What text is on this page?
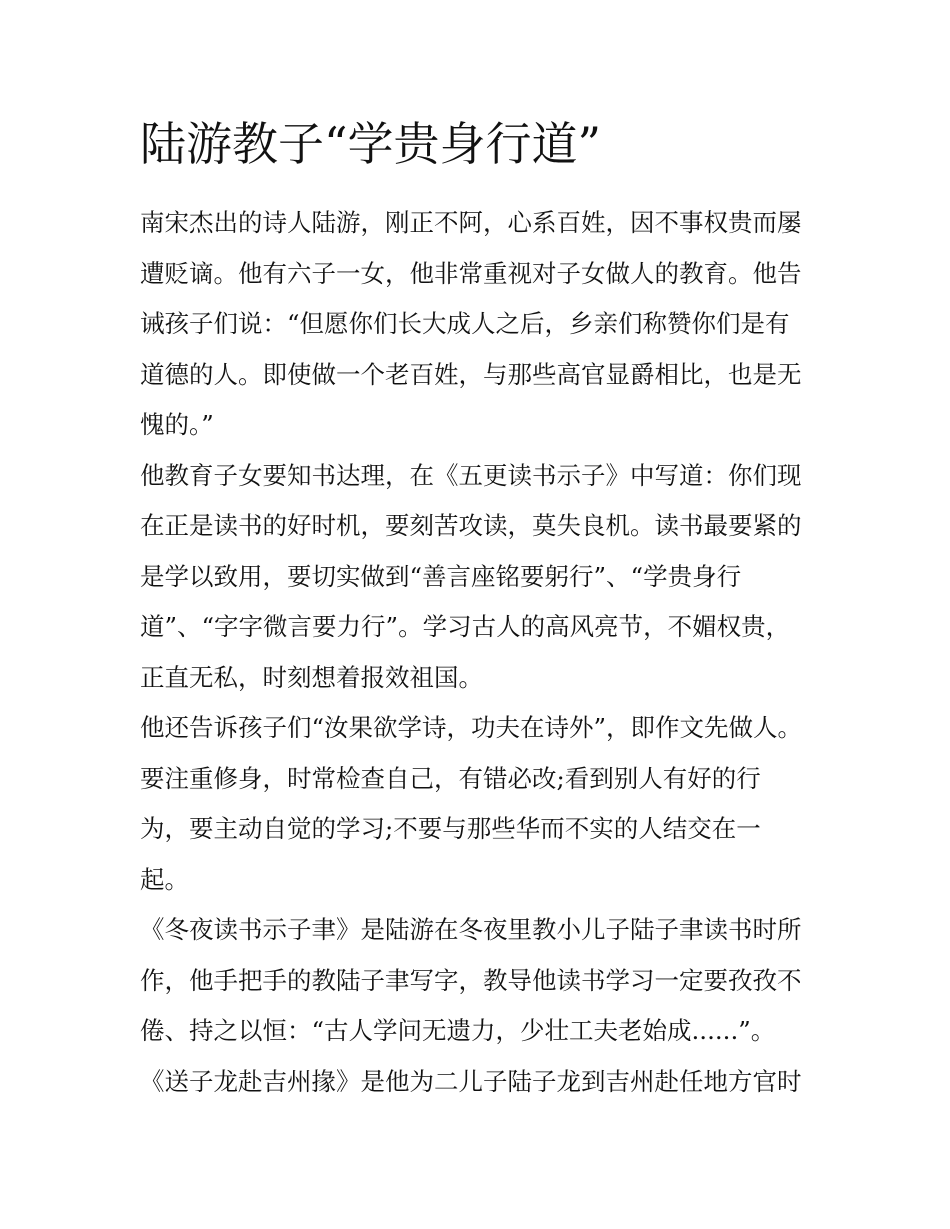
陆游教子“学贵身行道”
南宋杰出的诗人陆游，刚正不阿，心系百姓，因不事权贵而屡
遭贬谪。他有六子一女，他非常重视对子女做人的教育。他告
诫孩子们说：“但愿你们长大成人之后，乡亲们称赞你们是有
道德的人。即使做一个老百姓，与那些高官显爵相比，也是无
愧的。”
他教育子女要知书达理，在《五更读书示子》中写道：你们现
在正是读书的好时机，要刻苦攻读，莫失良机。读书最要紧的
是学以致用，要切实做到“善言座铭要躬行”、“学贵身行
道”、“字字微言要力行”。学习古人的高风亮节，不媚权贵，
正直无私，时刻想着报效祖国。
他还告诉孩子们“汝果欲学诗，功夫在诗外”，即作文先做人。
要注重修身，时常检查自己，有错必改;看到别人有好的行
为，要主动自觉的学习;不要与那些华而不实的人结交在一
起。
《冬夜读书示子聿》是陆游在冬夜里教小儿子陆子聿读书时所
作，他手把手的教陆子聿写字，教导他读书学习一定要孜孜不
倦、持之以恒：“古人学问无遗力，少壮工夫老始成......”。
《送子龙赴吉州掾》是他为二儿子陆子龙到吉州赴任地方官时
